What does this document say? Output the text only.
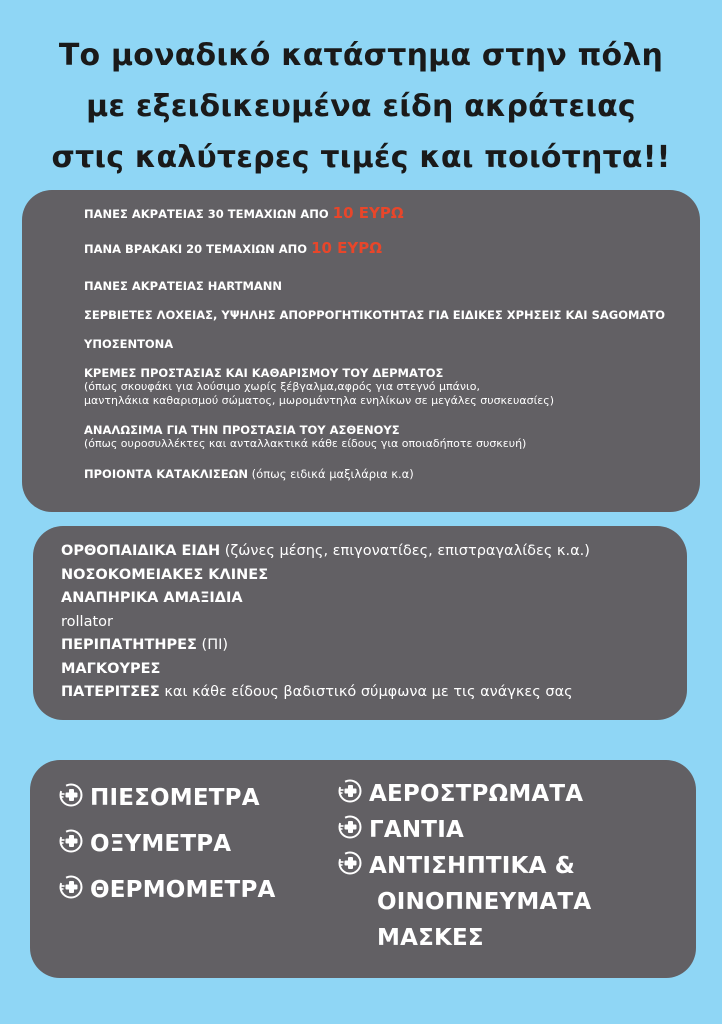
Το μοναδικό κατάστημα στην πόλη
με εξειδικευμένα είδη ακράτειας
στις καλύτερες τιμές και ποιότητα!!
ΠΑΝΕΣ ΑΚΡΑΤΕΙΑΣ 30 ΤΕΜΑΧΙΩΝ ΑΠΟ 10 ΕΥΡΩ
ΠΑΝΑ ΒΡΑΚΑΚΙ 20 ΤΕΜΑΧΙΩΝ ΑΠΟ 10 ΕΥΡΩ
ΠΑΝΕΣ ΑΚΡΑΤΕΙΑΣ HARTMANN
ΣΕΡΒΙΕΤΕΣ ΛΟΧΕΙΑΣ, ΥΨΗΛΗΣ ΑΠΟΡΡΟΓΗΤΙΚΟΤΗΤΑΣ ΓΙΑ ΕΙΔΙΚΕΣ ΧΡΗΣΕΙΣ ΚΑΙ SAGOMATO
ΥΠΟΣΕΝΤΟΝΑ
ΚΡΕΜΕΣ ΠΡΟΣΤΑΣΙΑΣ ΚΑΙ ΚΑΘΑΡΙΣΜΟΥ ΤΟΥ ΔΕΡΜΑΤΟΣ
(όπως σκουφάκι για λούσιμο χωρίς ξέβγαλμα,αφρός για στεγνό μπάνιο,
μαντηλάκια καθαρισμού σώματος, μωρομάντηλα ενηλίκων σε μεγάλες συσκευασίες)
ΑΝΑΛΩΣΙΜΑ ΓΙΑ ΤΗΝ ΠΡΟΣΤΑΣΙΑ ΤΟΥ ΑΣΘΕΝΟΥΣ
(όπως ουροσυλλέκτες και ανταλλακτικά κάθε είδους για οποιαδήποτε συσκευή)
ΠΡΟΙΟΝΤΑ ΚΑΤΑΚΛΙΣΕΩΝ (όπως ειδικά μαξιλάρια κ.α)
ΟΡΘΟΠΑΙΔΙΚΑ ΕΙΔΗ (ζώνες μέσης, επιγονατίδες, επιστραγαλίδες κ.α.)
ΝΟΣΟΚΟΜΕΙΑΚΕΣ ΚΛΙΝΕΣ
ΑΝΑΠΗΡΙΚΑ ΑΜΑΞΙΔΙΑ
rollator
ΠΕΡΙΠΑΤΗΤΗΡΕΣ (ΠΙ)
ΜΑΓΚΟΥΡΕΣ
ΠΑΤΕΡΙΤΣΕΣ και κάθε είδους βαδιστικό σύμφωνα με τις ανάγκες σας
ΠΙΕΣΟΜΕΤΡΑ
ΟΞΥΜΕΤΡΑ
ΘΕΡΜΟΜΕΤΡΑ
ΑΕΡΟΣΤΡΩΜΑΤΑ
ΓΑΝΤΙΑ
ΑΝΤΙΣΗΠΤΙΚΑ &
ΟΙΝΟΠΝΕΥΜΑΤΑ
ΜΑΣΚΕΣ
